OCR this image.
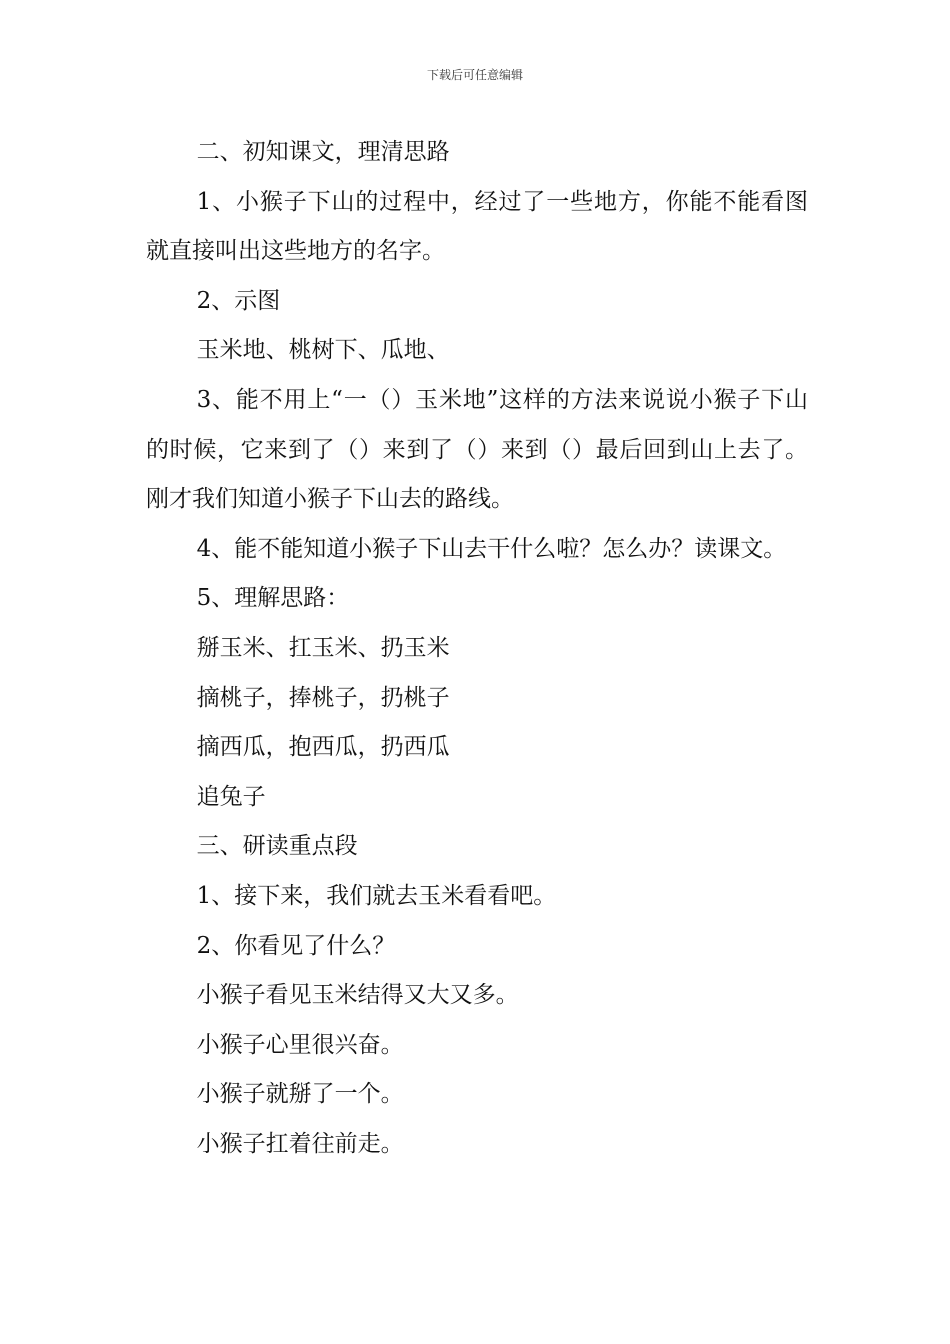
下载后可任意编辑

二、初知课文，理清思路

1、小猴子下山的过程中，经过了一些地方，你能不能看图就直接叫出这些地方的名字。

2、示图

玉米地、桃树下、瓜地、

3、能不用上“一（）玉米地”这样的方法来说说小猴子下山的时候，它来到了（）来到了（）来到（）最后回到山上去了。刚才我们知道小猴子下山去的路线。

4、能不能知道小猴子下山去干什么啦？怎么办？读课文。

5、理解思路：

掰玉米、扛玉米、扔玉米

摘桃子，捧桃子，扔桃子

摘西瓜，抱西瓜，扔西瓜

追兔子

三、研读重点段

1、接下来，我们就去玉米看看吧。

2、你看见了什么？

小猴子看见玉米结得又大又多。

小猴子心里很兴奋。

小猴子就掰了一个。

小猴子扛着往前走。
